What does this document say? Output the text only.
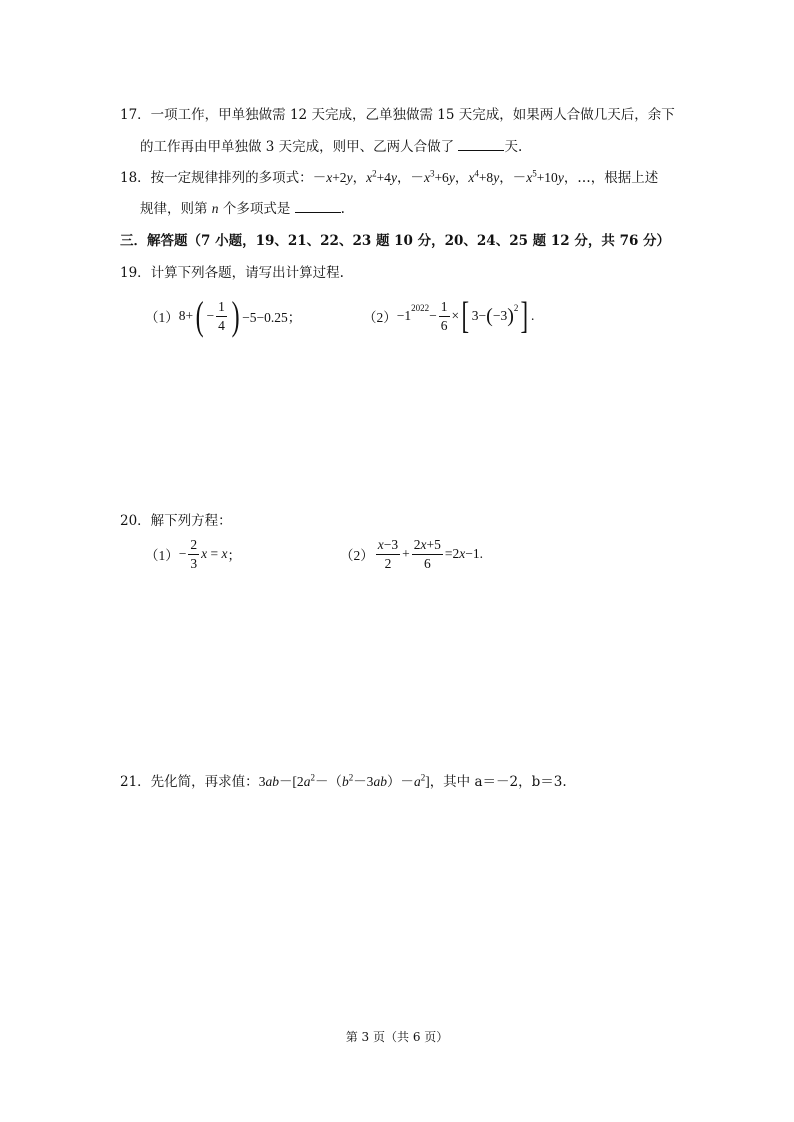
17．一项工作，甲单独做需 12 天完成，乙单独做需 15 天完成，如果两人合做几天后，余下
的工作再由甲单独做 3 天完成，则甲、乙两人合做了	天.
18．按一定规律排列的多项式：－x+2y，$x^2+4y$，$-x^3+6y$，$x^4+8y$，$-x^5+10y$，…，根据上述
规律，则第 n 个多项式是	.
三．解答题（7 小题，19、21、22、23 题 10 分，20、24、25 题 12 分，共 76 分）
19．计算下列各题，请写出计算过程.
（1） 8+ ( − $\frac{1}{4}$ ) −5−0.25；	$(2) -1^{2022} - \frac{1}{6}$ × [ 3− ( −3 )$^2$ ] .
20．解下列方程：
$(1) - \frac{2}{3}$ x = x ；	$(2) \frac{x-3}{2} + \frac{2x+5}{6} =2$ x −1.
21．先化简，再求值：$3ab-[2a^2-(b^2-3ab)-a^2]$，其中 a＝－2，b＝3.
第 3 页（共 6 页）
